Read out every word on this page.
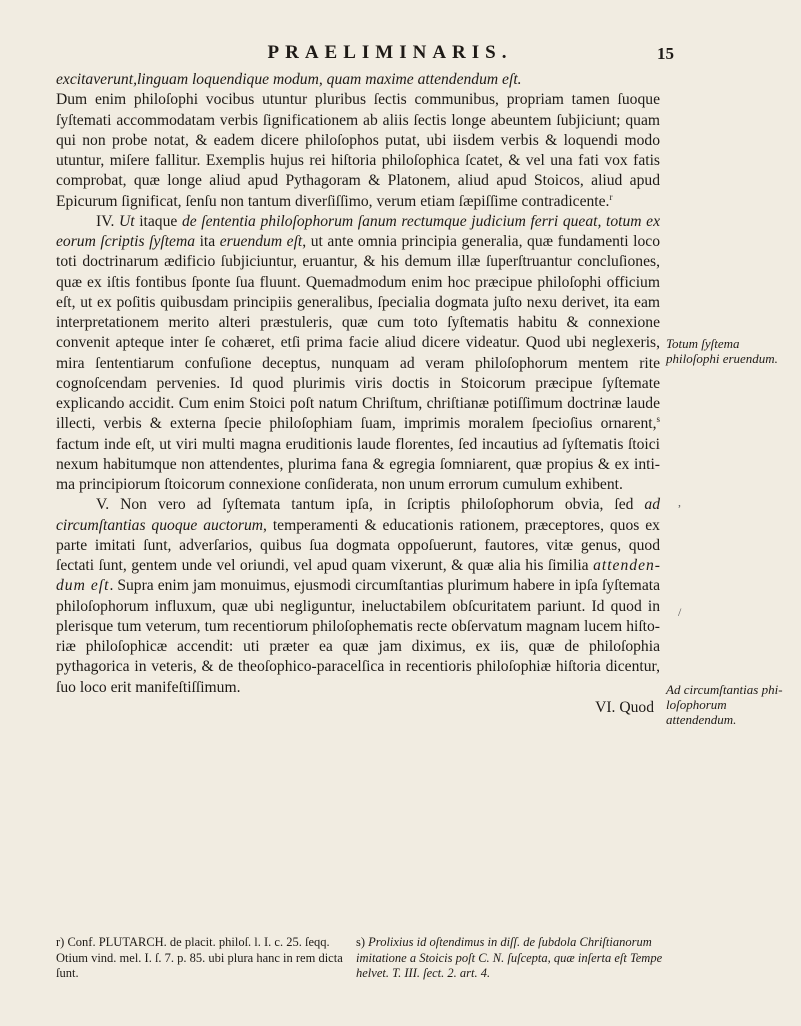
PRAELIMINARIS.	15

excitaverunt,linguam loquendique modum, quam maxime attendendum eſt.

Dum enim philoſophi vocibus utuntur pluribus ſectis communibus, propriam tamen ſuoque ſyſtemati accommodatam verbis ſignificationem ab aliis ſectis longe abeuntem ſubjiciunt; quam qui non probe notat, & eadem dicere philoſophos putat, ubi iisdem verbis & loquendi modo utuntur, miſere fallitur. Exemplis hujus rei hiſtoria philoſophica ſcatet, & vel una fati vox fatis comprobat, quæ longe aliud apud Pythagoram & Platonem, aliud apud Stoicos, aliud apud Epicurum ſignificat, ſenſu non tantum diverſiſſimo, verum etiam ſæpiſſime contradicente.$^r$

IV. Ut itaque de ſententia philoſophorum ſanum rectumque judicium ferri queat, totum ex eorum ſcriptis ſyſtema ita eruendum eſt, ut ante omnia principia generalia, quæ fundamenti loco toti doctrinarum ædificio ſubjiciuntur, eruantur, & his demum illæ ſuperſtruantur concluſiones, quæ ex iſtis fontibus ſponte ſua fluunt. Quemadmodum enim hoc præcipue philoſophi officium eſt, ut ex poſitis quibusdam principiis generalibus, ſpecialia dogmata juſto nexu derivet, ita eam interpretationem merito alteri præstuleris, quæ cum toto ſyſtematis habitu & connexione convenit apteque inter ſe cohæret, etſi prima facie aliud dicere videatur. Quod ubi neglexeris, mira ſententiarum confuſione deceptus, nunquam ad veram philoſophorum mentem rite cognoſcendam pervenies. Id quod plurimis viris doctis in Stoicorum præcipue ſyſtemate explicando accidit. Cum enim Stoici poſt natum Chriſtum, chriſtianæ potiſſimum doctrinæ laude illecti, verbis & externa ſpecie philoſophiam ſuam, imprimis moralem ſpecioſius ornarent,$^s$ factum inde eſt, ut viri multi magna eruditionis laude florentes, ſed incautius ad ſyſtematis ſtoici nexum habitumque non attendentes, plurima fana & egregia ſomniarent, quæ propius & ex intima principiorum ſtoicorum connexione conſiderata, non unum errorum cumulum exhibent.

V. Non vero ad ſyſtemata tantum ipſa, in ſcriptis philoſophorum obvia, ſed ad circumſtantias quoque auctorum, temperamenti & educationis rationem, præceptores, quos ex parte imitati ſunt, adverſarios, quibus ſua dogmata oppoſuerunt, fautores, vitæ genus, quod ſectati ſunt, gentem unde vel oriundi, vel apud quam vixerunt, & quæ alia his ſimilia attendendum eſt. Supra enim jam monuimus, ejusmodi circumſtantias plurimum habere in ipſa ſyſtemata philoſophorum influxum, quæ ubi negliguntur, ineluctabilem obſcuritatem pariunt. Id quod in plerisque tum veterum, tum recentiorum philoſophematis recte obſervatum magnam lucem hiſtoriæ philoſophicæ accendit: uti præter ea quæ jam diximus, ex iis, quæ de philoſophia pythagorica in veteris, & de theoſophico-paracelſica in recentioris philoſophiæ hiſtoria dicentur, ſuo loco erit manifeſtiſſimum.

VI. Quod

Totum ſyſtema philoſophi eruendum.
,
/
Ad circumſtantias philoſophorum attendendum.

r) Conf. PLUTARCH. de placit. philoſ. l. I. c. 25. ſeqq. Otium vind. mel. I. ſ. 7. p. 85. ubi plura hanc in rem dicta ſunt.

s) Prolixius id oſtendimus in diſſ. de ſubdola Chriſtianorum imitatione a Stoicis poſt C. N. ſuſcepta, quæ inſerta eſt Tempe helvet. T. III. ſect. 2. art. 4.
